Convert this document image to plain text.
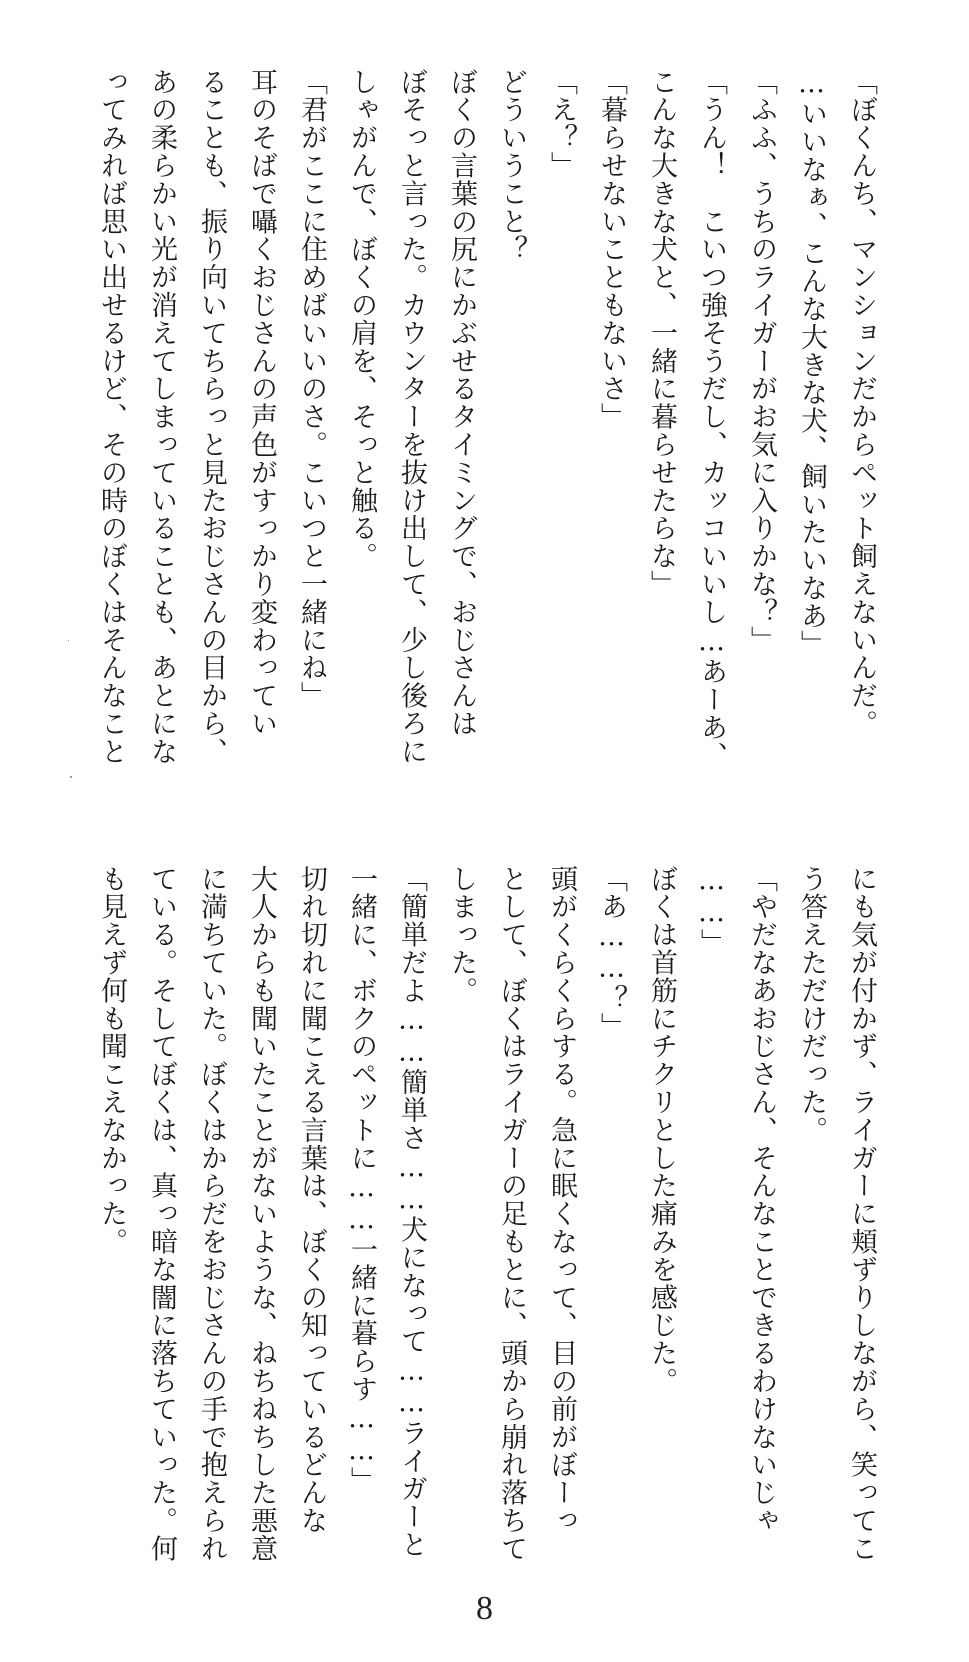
「ぼくんち、マンションだからペット飼えないんだ。
…いいなぁ、こんな大きな犬、飼いたいなあ」
「ふふ、うちのライガーがお気に入りかな？」
「うん！　こいつ強そうだし、カッコいいし…あーあ、
こんな大きな犬と、一緒に暮らせたらな」
「暮らせないこともないさ」
「え？」
どういうこと？
ぼくの言葉の尻にかぶせるタイミングで、おじさんは
ぼそっと言った。カウンターを抜け出して、少し後ろに
しゃがんで、ぼくの肩を、そっと触る。
「君がここに住めばいいのさ。こいつと一緒にね」
耳のそばで囁くおじさんの声色がすっかり変わってい
ることも、振り向いてちらっと見たおじさんの目から、
あの柔らかい光が消えてしまっていることも、あとにな
ってみれば思い出せるけど、その時のぼくはそんなこと
にも気が付かず、ライガーに頬ずりしながら、笑ってこ
う答えただけだった。
「やだなあおじさん、そんなことできるわけないじゃ
……」
ぼくは首筋にチクリとした痛みを感じた。
「あ……？」
頭がくらくらする。急に眠くなって、目の前がぼーっ
として、ぼくはライガーの足もとに、頭から崩れ落ちて
しまった。
「簡単だよ……簡単さ……犬になって……ライガーと
一緒に、ボクのペットに……一緒に暮らす……」
切れ切れに聞こえる言葉は、ぼくの知っているどんな
大人からも聞いたことがないような、ねちねちした悪意
に満ちていた。ぼくはからだをおじさんの手で抱えられ
ている。そしてぼくは、真っ暗な闇に落ちていった。何
も見えず何も聞こえなかった。
8
